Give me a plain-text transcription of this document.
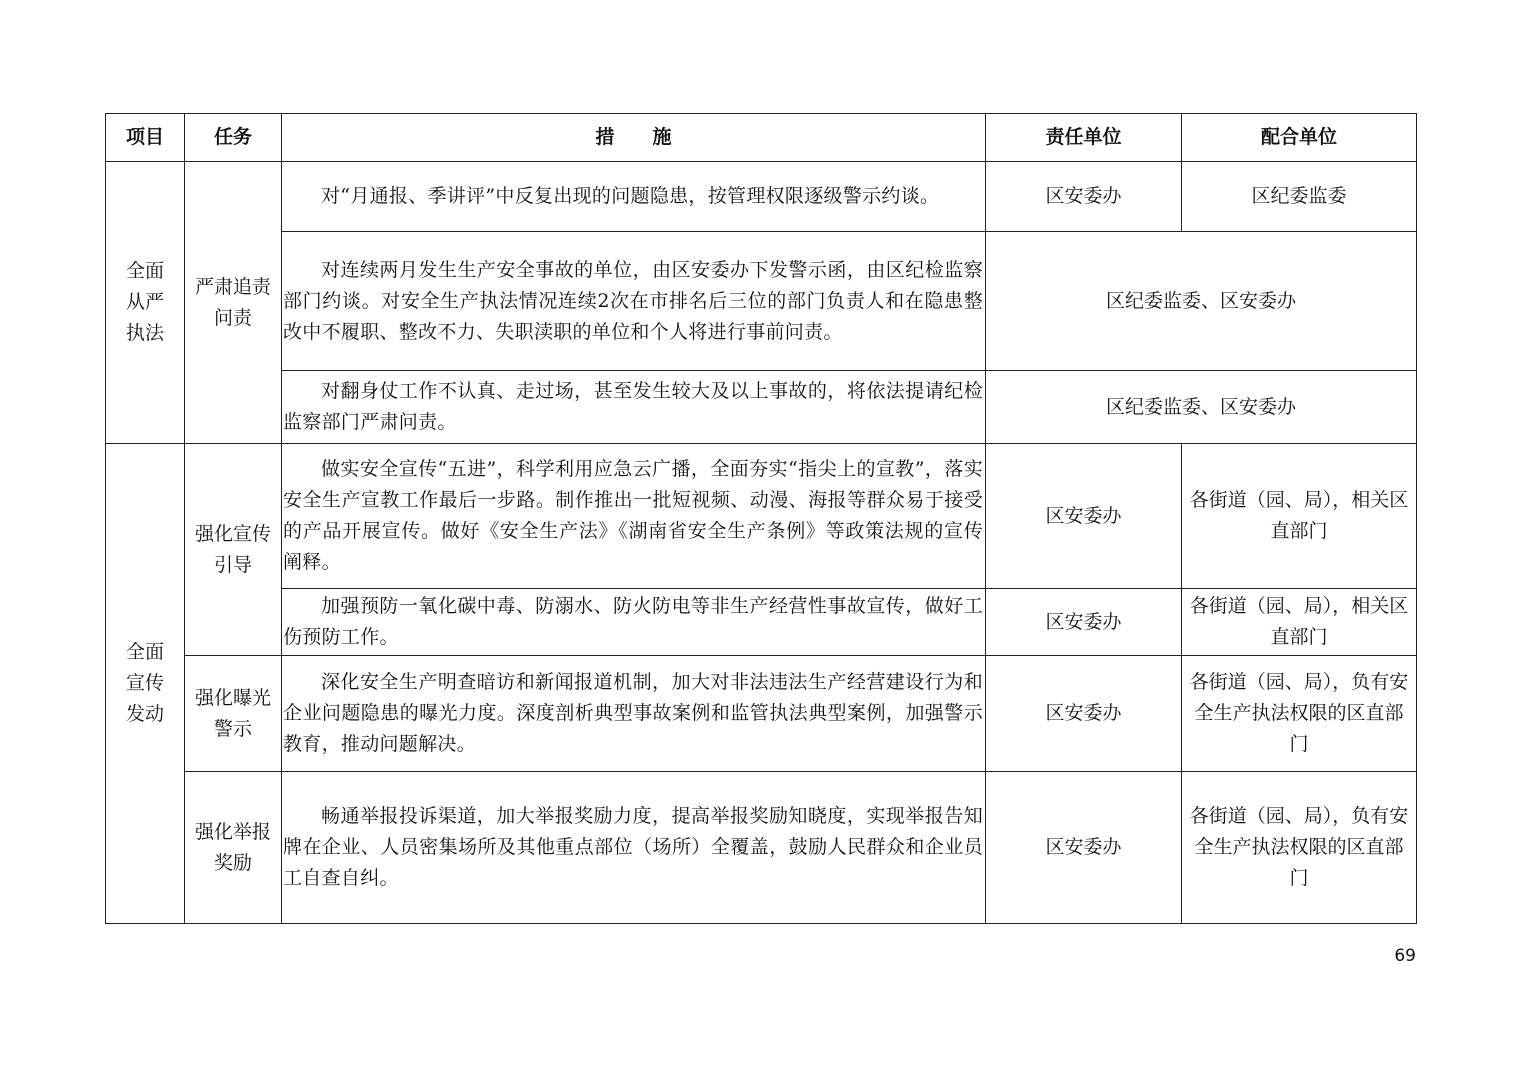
项目	任务	措　　施	责任单位	配合单位
全面从严执法	严肃追责问责	对“月通报、季讲评”中反复出现的问题隐患，按管理权限逐级警示约谈。	区安委办	区纪委监委
		对连续两月发生生产安全事故的单位，由区安委办下发警示函，由区纪检监察部门约谈。对安全生产执法情况连续2次在市排名后三位的部门负责人和在隐患整改中不履职、整改不力、失职渎职的单位和个人将进行事前问责。	区纪委监委、区安委办	
		对翻身仗工作不认真、走过场，甚至发生较大及以上事故的，将依法提请纪检监察部门严肃问责。	区纪委监委、区安委办	
全面宣传发动	强化宣传引导	做实安全宣传“五进”，科学利用应急云广播，全面夯实“指尖上的宣教”，落实安全生产宣教工作最后一步路。制作推出一批短视频、动漫、海报等群众易于接受的产品开展宣传。做好《安全生产法》《湖南省安全生产条例》等政策法规的宣传阐释。	区安委办	各街道（园、局），相关区直部门
		加强预防一氧化碳中毒、防溺水、防火防电等非生产经营性事故宣传，做好工伤预防工作。	区安委办	各街道（园、局），相关区直部门
	强化曝光警示	深化安全生产明查暗访和新闻报道机制，加大对非法违法生产经营建设行为和企业问题隐患的曝光力度。深度剖析典型事故案例和监管执法典型案例，加强警示教育，推动问题解决。	区安委办	各街道（园、局），负有安全生产执法权限的区直部门
	强化举报奖励	畅通举报投诉渠道，加大举报奖励力度，提高举报奖励知晓度，实现举报告知牌在企业、人员密集场所及其他重点部位（场所）全覆盖，鼓励人民群众和企业员工自查自纠。	区安委办	各街道（园、局），负有安全生产执法权限的区直部门
69
